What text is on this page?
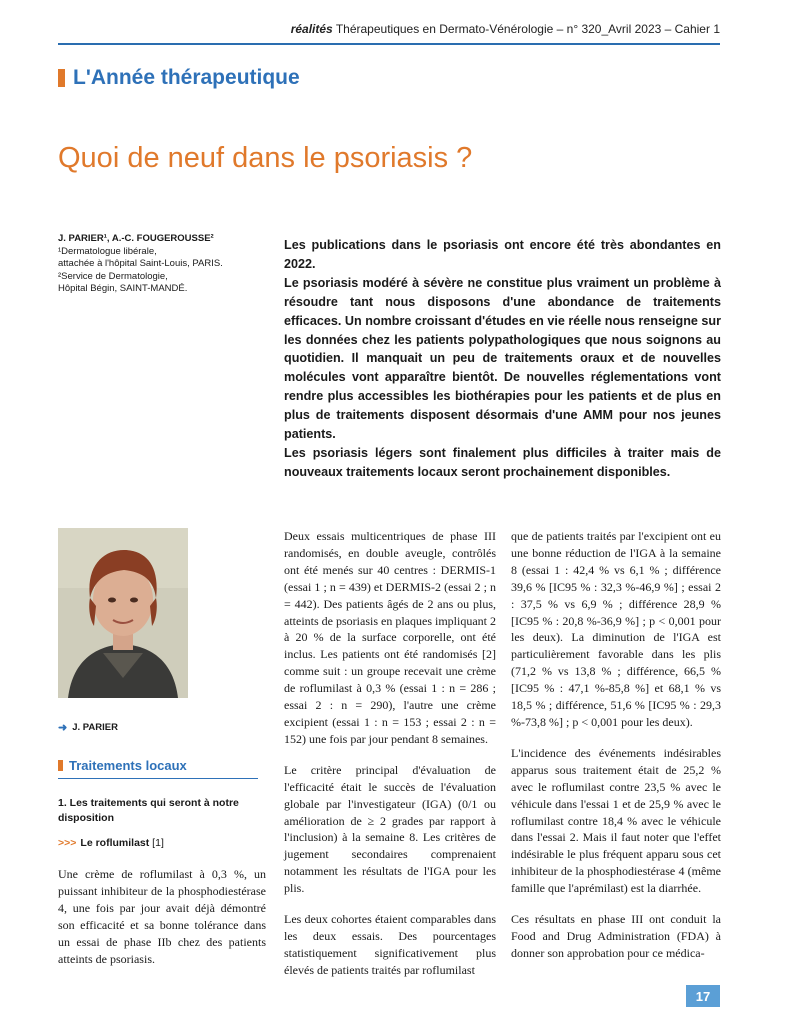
réalités Thérapeutiques en Dermato-Vénérologie – n° 320_Avril 2023 – Cahier 1
L'Année thérapeutique
Quoi de neuf dans le psoriasis ?
J. PARIER¹, A.-C. FOUGEROUSSE²
¹Dermatologue libérale,
attachée à l'hôpital Saint-Louis, PARIS.
²Service de Dermatologie,
Hôpital Bégin, SAINT-MANDÉ.

Les publications dans le psoriasis ont encore été très abondantes en 2022.

Le psoriasis modéré à sévère ne constitue plus vraiment un problème à résoudre tant nous disposons d'une abondance de traitements efficaces. Un nombre croissant d'études en vie réelle nous renseigne sur les données chez les patients polypathologiques que nous soignons au quotidien. Il manquait un peu de traitements oraux et de nouvelles molécules vont apparaître bientôt. De nouvelles réglementations vont rendre plus accessibles les biothérapies pour les patients et de plus en plus de traitements disposent désormais d'une AMM pour nos jeunes patients.

Les psoriasis légers sont finalement plus difficiles à traiter mais de nouveaux traitements locaux seront prochainement disponibles.

➜ J. PARIER
Traitements locaux
1. Les traitements qui seront à notre disposition
>>> Le roflumilast [1]

Une crème de roflumilast à 0,3 %, un puissant inhibiteur de la phosphodiestérase 4, une fois par jour avait déjà démontré son efficacité et sa bonne tolérance dans un essai de phase IIb chez des patients atteints de psoriasis.

Deux essais multicentriques de phase III randomisés, en double aveugle, contrôlés ont été menés sur 40 centres : DERMIS-1 (essai 1 ; n = 439) et DERMIS-2 (essai 2 ; n = 442). Des patients âgés de 2 ans ou plus, atteints de psoriasis en plaques impliquant 2 à 20 % de la surface corporelle, ont été inclus. Les patients ont été randomisés [2] comme suit : un groupe recevait une crème de roflumilast à 0,3 % (essai 1 : n = 286 ; essai 2 : n = 290), l'autre une crème excipient (essai 1 : n = 153 ; essai 2 : n = 152) une fois par jour pendant 8 semaines.

Le critère principal d'évaluation de l'efficacité était le succès de l'évaluation globale par l'investigateur (IGA) (0/1 ou amélioration de ≥ 2 grades par rapport à l'inclusion) à la semaine 8. Les critères de jugement secondaires comprenaient notamment les résultats de l'IGA pour les plis.

Les deux cohortes étaient comparables dans les deux essais. Des pourcentages statistiquement significativement plus élevés de patients traités par roflumilast

que de patients traités par l'excipient ont eu une bonne réduction de l'IGA à la semaine 8 (essai 1 : 42,4 % vs 6,1 % ; différence 39,6 % [IC95 % : 32,3 %-46,9 %] ; essai 2 : 37,5 % vs 6,9 % ; différence 28,9 % [IC95 % : 20,8 %-36,9 %] ; p < 0,001 pour les deux). La diminution de l'IGA est particulièrement favorable dans les plis (71,2 % vs 13,8 % ; différence, 66,5 % [IC95 % : 47,1 %-85,8 %] et 68,1 % vs 18,5 % ; différence, 51,6 % [IC95 % : 29,3 %-73,8 %] ; p < 0,001 pour les deux).

L'incidence des événements indésirables apparus sous traitement était de 25,2 % avec le roflumilast contre 23,5 % avec le véhicule dans l'essai 1 et de 25,9 % avec le roflumilast contre 18,4 % avec le véhicule dans l'essai 2. Mais il faut noter que l'effet indésirable le plus fréquent apparu sous cet inhibiteur de la phosphodiestérase 4 (même famille que l'aprémilast) est la diarrhée.

Ces résultats en phase III ont conduit la Food and Drug Administration (FDA) à donner son approbation pour ce médica-

17
